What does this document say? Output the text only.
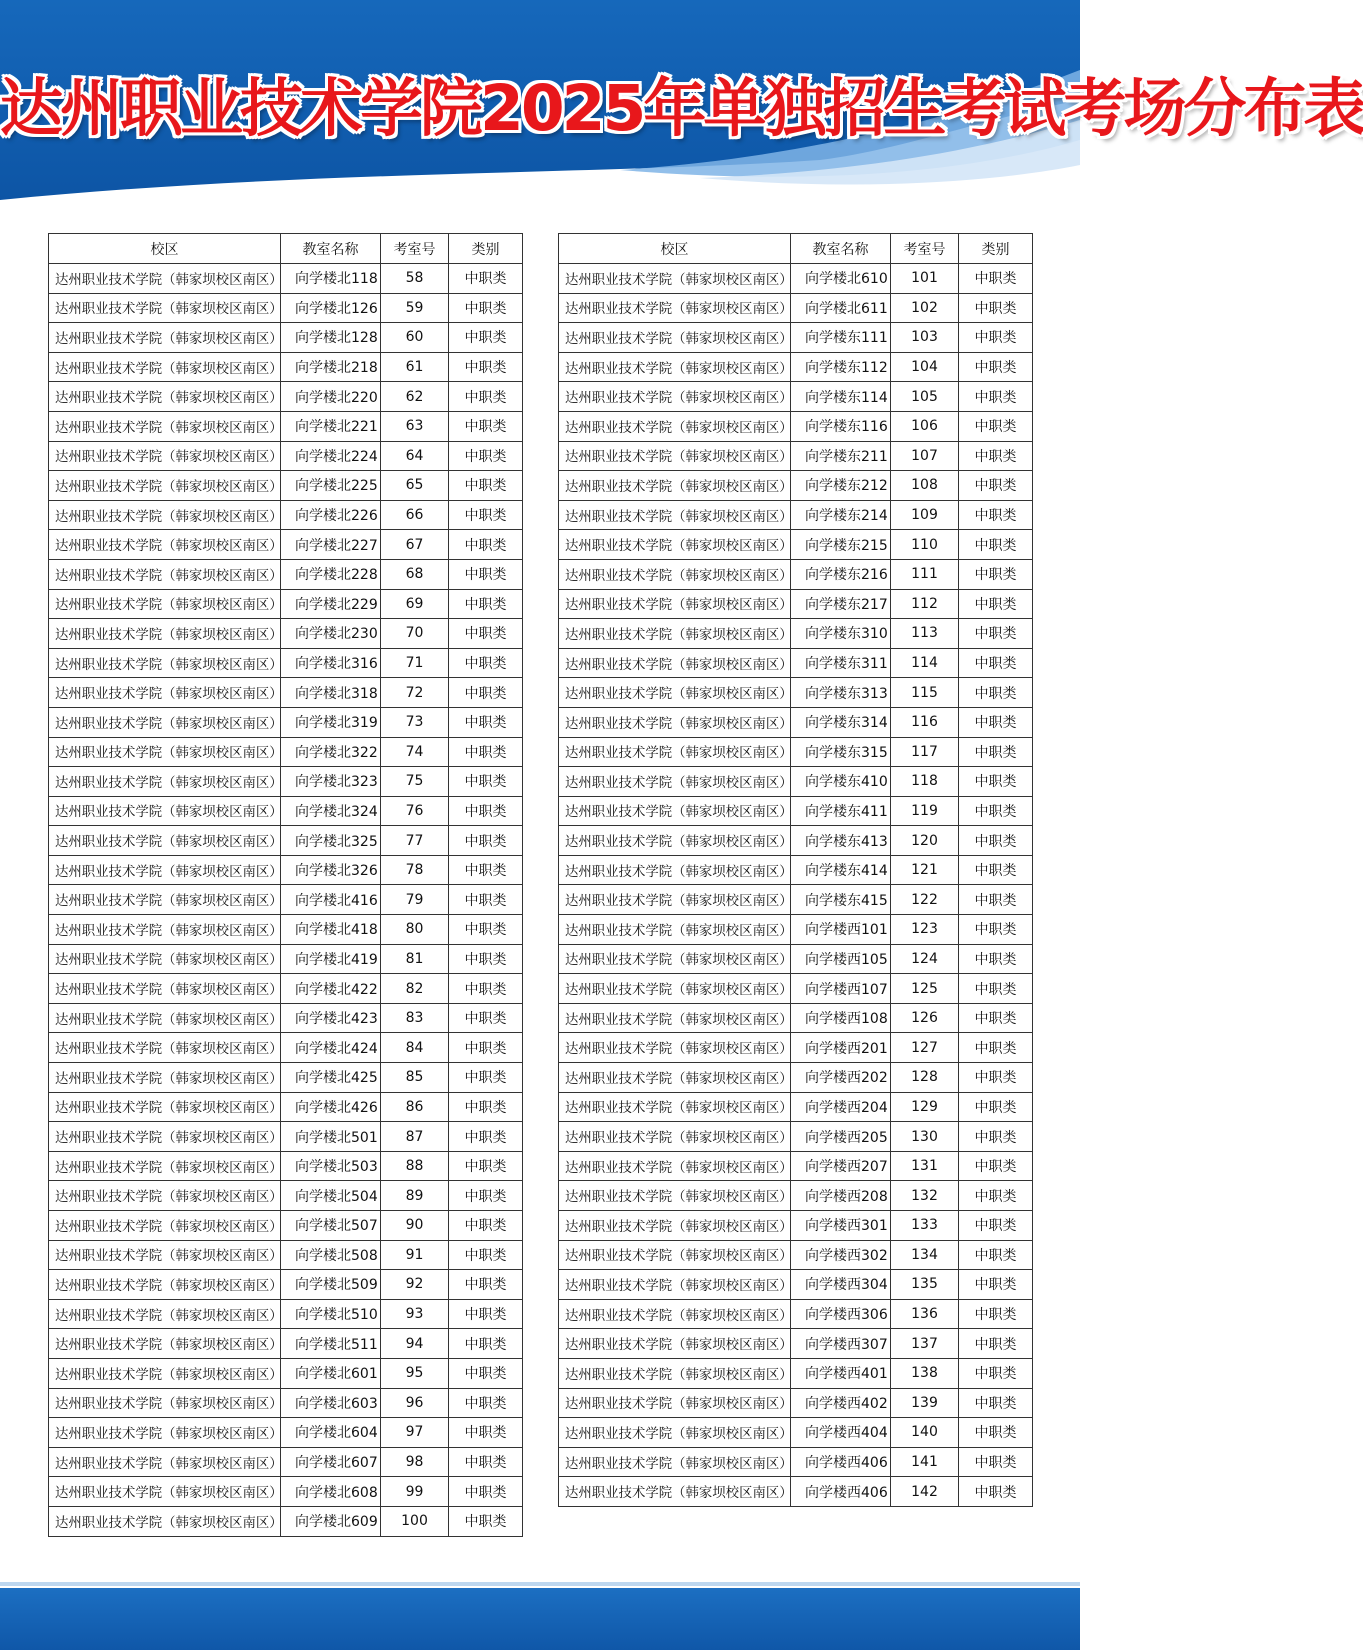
达州职业技术学院2025年单独招生考试考场分布表
校区	教室名称	考室号	类别
达州职业技术学院（韩家坝校区南区）	向学楼北118	58	中职类
达州职业技术学院（韩家坝校区南区）	向学楼北126	59	中职类
达州职业技术学院（韩家坝校区南区）	向学楼北128	60	中职类
达州职业技术学院（韩家坝校区南区）	向学楼北218	61	中职类
达州职业技术学院（韩家坝校区南区）	向学楼北220	62	中职类
达州职业技术学院（韩家坝校区南区）	向学楼北221	63	中职类
达州职业技术学院（韩家坝校区南区）	向学楼北224	64	中职类
达州职业技术学院（韩家坝校区南区）	向学楼北225	65	中职类
达州职业技术学院（韩家坝校区南区）	向学楼北226	66	中职类
达州职业技术学院（韩家坝校区南区）	向学楼北227	67	中职类
达州职业技术学院（韩家坝校区南区）	向学楼北228	68	中职类
达州职业技术学院（韩家坝校区南区）	向学楼北229	69	中职类
达州职业技术学院（韩家坝校区南区）	向学楼北230	70	中职类
达州职业技术学院（韩家坝校区南区）	向学楼北316	71	中职类
达州职业技术学院（韩家坝校区南区）	向学楼北318	72	中职类
达州职业技术学院（韩家坝校区南区）	向学楼北319	73	中职类
达州职业技术学院（韩家坝校区南区）	向学楼北322	74	中职类
达州职业技术学院（韩家坝校区南区）	向学楼北323	75	中职类
达州职业技术学院（韩家坝校区南区）	向学楼北324	76	中职类
达州职业技术学院（韩家坝校区南区）	向学楼北325	77	中职类
达州职业技术学院（韩家坝校区南区）	向学楼北326	78	中职类
达州职业技术学院（韩家坝校区南区）	向学楼北416	79	中职类
达州职业技术学院（韩家坝校区南区）	向学楼北418	80	中职类
达州职业技术学院（韩家坝校区南区）	向学楼北419	81	中职类
达州职业技术学院（韩家坝校区南区）	向学楼北422	82	中职类
达州职业技术学院（韩家坝校区南区）	向学楼北423	83	中职类
达州职业技术学院（韩家坝校区南区）	向学楼北424	84	中职类
达州职业技术学院（韩家坝校区南区）	向学楼北425	85	中职类
达州职业技术学院（韩家坝校区南区）	向学楼北426	86	中职类
达州职业技术学院（韩家坝校区南区）	向学楼北501	87	中职类
达州职业技术学院（韩家坝校区南区）	向学楼北503	88	中职类
达州职业技术学院（韩家坝校区南区）	向学楼北504	89	中职类
达州职业技术学院（韩家坝校区南区）	向学楼北507	90	中职类
达州职业技术学院（韩家坝校区南区）	向学楼北508	91	中职类
达州职业技术学院（韩家坝校区南区）	向学楼北509	92	中职类
达州职业技术学院（韩家坝校区南区）	向学楼北510	93	中职类
达州职业技术学院（韩家坝校区南区）	向学楼北511	94	中职类
达州职业技术学院（韩家坝校区南区）	向学楼北601	95	中职类
达州职业技术学院（韩家坝校区南区）	向学楼北603	96	中职类
达州职业技术学院（韩家坝校区南区）	向学楼北604	97	中职类
达州职业技术学院（韩家坝校区南区）	向学楼北607	98	中职类
达州职业技术学院（韩家坝校区南区）	向学楼北608	99	中职类
达州职业技术学院（韩家坝校区南区）	向学楼北609	100	中职类
校区	教室名称	考室号	类别
达州职业技术学院（韩家坝校区南区）	向学楼北610	101	中职类
达州职业技术学院（韩家坝校区南区）	向学楼北611	102	中职类
达州职业技术学院（韩家坝校区南区）	向学楼东111	103	中职类
达州职业技术学院（韩家坝校区南区）	向学楼东112	104	中职类
达州职业技术学院（韩家坝校区南区）	向学楼东114	105	中职类
达州职业技术学院（韩家坝校区南区）	向学楼东116	106	中职类
达州职业技术学院（韩家坝校区南区）	向学楼东211	107	中职类
达州职业技术学院（韩家坝校区南区）	向学楼东212	108	中职类
达州职业技术学院（韩家坝校区南区）	向学楼东214	109	中职类
达州职业技术学院（韩家坝校区南区）	向学楼东215	110	中职类
达州职业技术学院（韩家坝校区南区）	向学楼东216	111	中职类
达州职业技术学院（韩家坝校区南区）	向学楼东217	112	中职类
达州职业技术学院（韩家坝校区南区）	向学楼东310	113	中职类
达州职业技术学院（韩家坝校区南区）	向学楼东311	114	中职类
达州职业技术学院（韩家坝校区南区）	向学楼东313	115	中职类
达州职业技术学院（韩家坝校区南区）	向学楼东314	116	中职类
达州职业技术学院（韩家坝校区南区）	向学楼东315	117	中职类
达州职业技术学院（韩家坝校区南区）	向学楼东410	118	中职类
达州职业技术学院（韩家坝校区南区）	向学楼东411	119	中职类
达州职业技术学院（韩家坝校区南区）	向学楼东413	120	中职类
达州职业技术学院（韩家坝校区南区）	向学楼东414	121	中职类
达州职业技术学院（韩家坝校区南区）	向学楼东415	122	中职类
达州职业技术学院（韩家坝校区南区）	向学楼西101	123	中职类
达州职业技术学院（韩家坝校区南区）	向学楼西105	124	中职类
达州职业技术学院（韩家坝校区南区）	向学楼西107	125	中职类
达州职业技术学院（韩家坝校区南区）	向学楼西108	126	中职类
达州职业技术学院（韩家坝校区南区）	向学楼西201	127	中职类
达州职业技术学院（韩家坝校区南区）	向学楼西202	128	中职类
达州职业技术学院（韩家坝校区南区）	向学楼西204	129	中职类
达州职业技术学院（韩家坝校区南区）	向学楼西205	130	中职类
达州职业技术学院（韩家坝校区南区）	向学楼西207	131	中职类
达州职业技术学院（韩家坝校区南区）	向学楼西208	132	中职类
达州职业技术学院（韩家坝校区南区）	向学楼西301	133	中职类
达州职业技术学院（韩家坝校区南区）	向学楼西302	134	中职类
达州职业技术学院（韩家坝校区南区）	向学楼西304	135	中职类
达州职业技术学院（韩家坝校区南区）	向学楼西306	136	中职类
达州职业技术学院（韩家坝校区南区）	向学楼西307	137	中职类
达州职业技术学院（韩家坝校区南区）	向学楼西401	138	中职类
达州职业技术学院（韩家坝校区南区）	向学楼西402	139	中职类
达州职业技术学院（韩家坝校区南区）	向学楼西404	140	中职类
达州职业技术学院（韩家坝校区南区）	向学楼西406	141	中职类
达州职业技术学院（韩家坝校区南区）	向学楼西406	142	中职类
